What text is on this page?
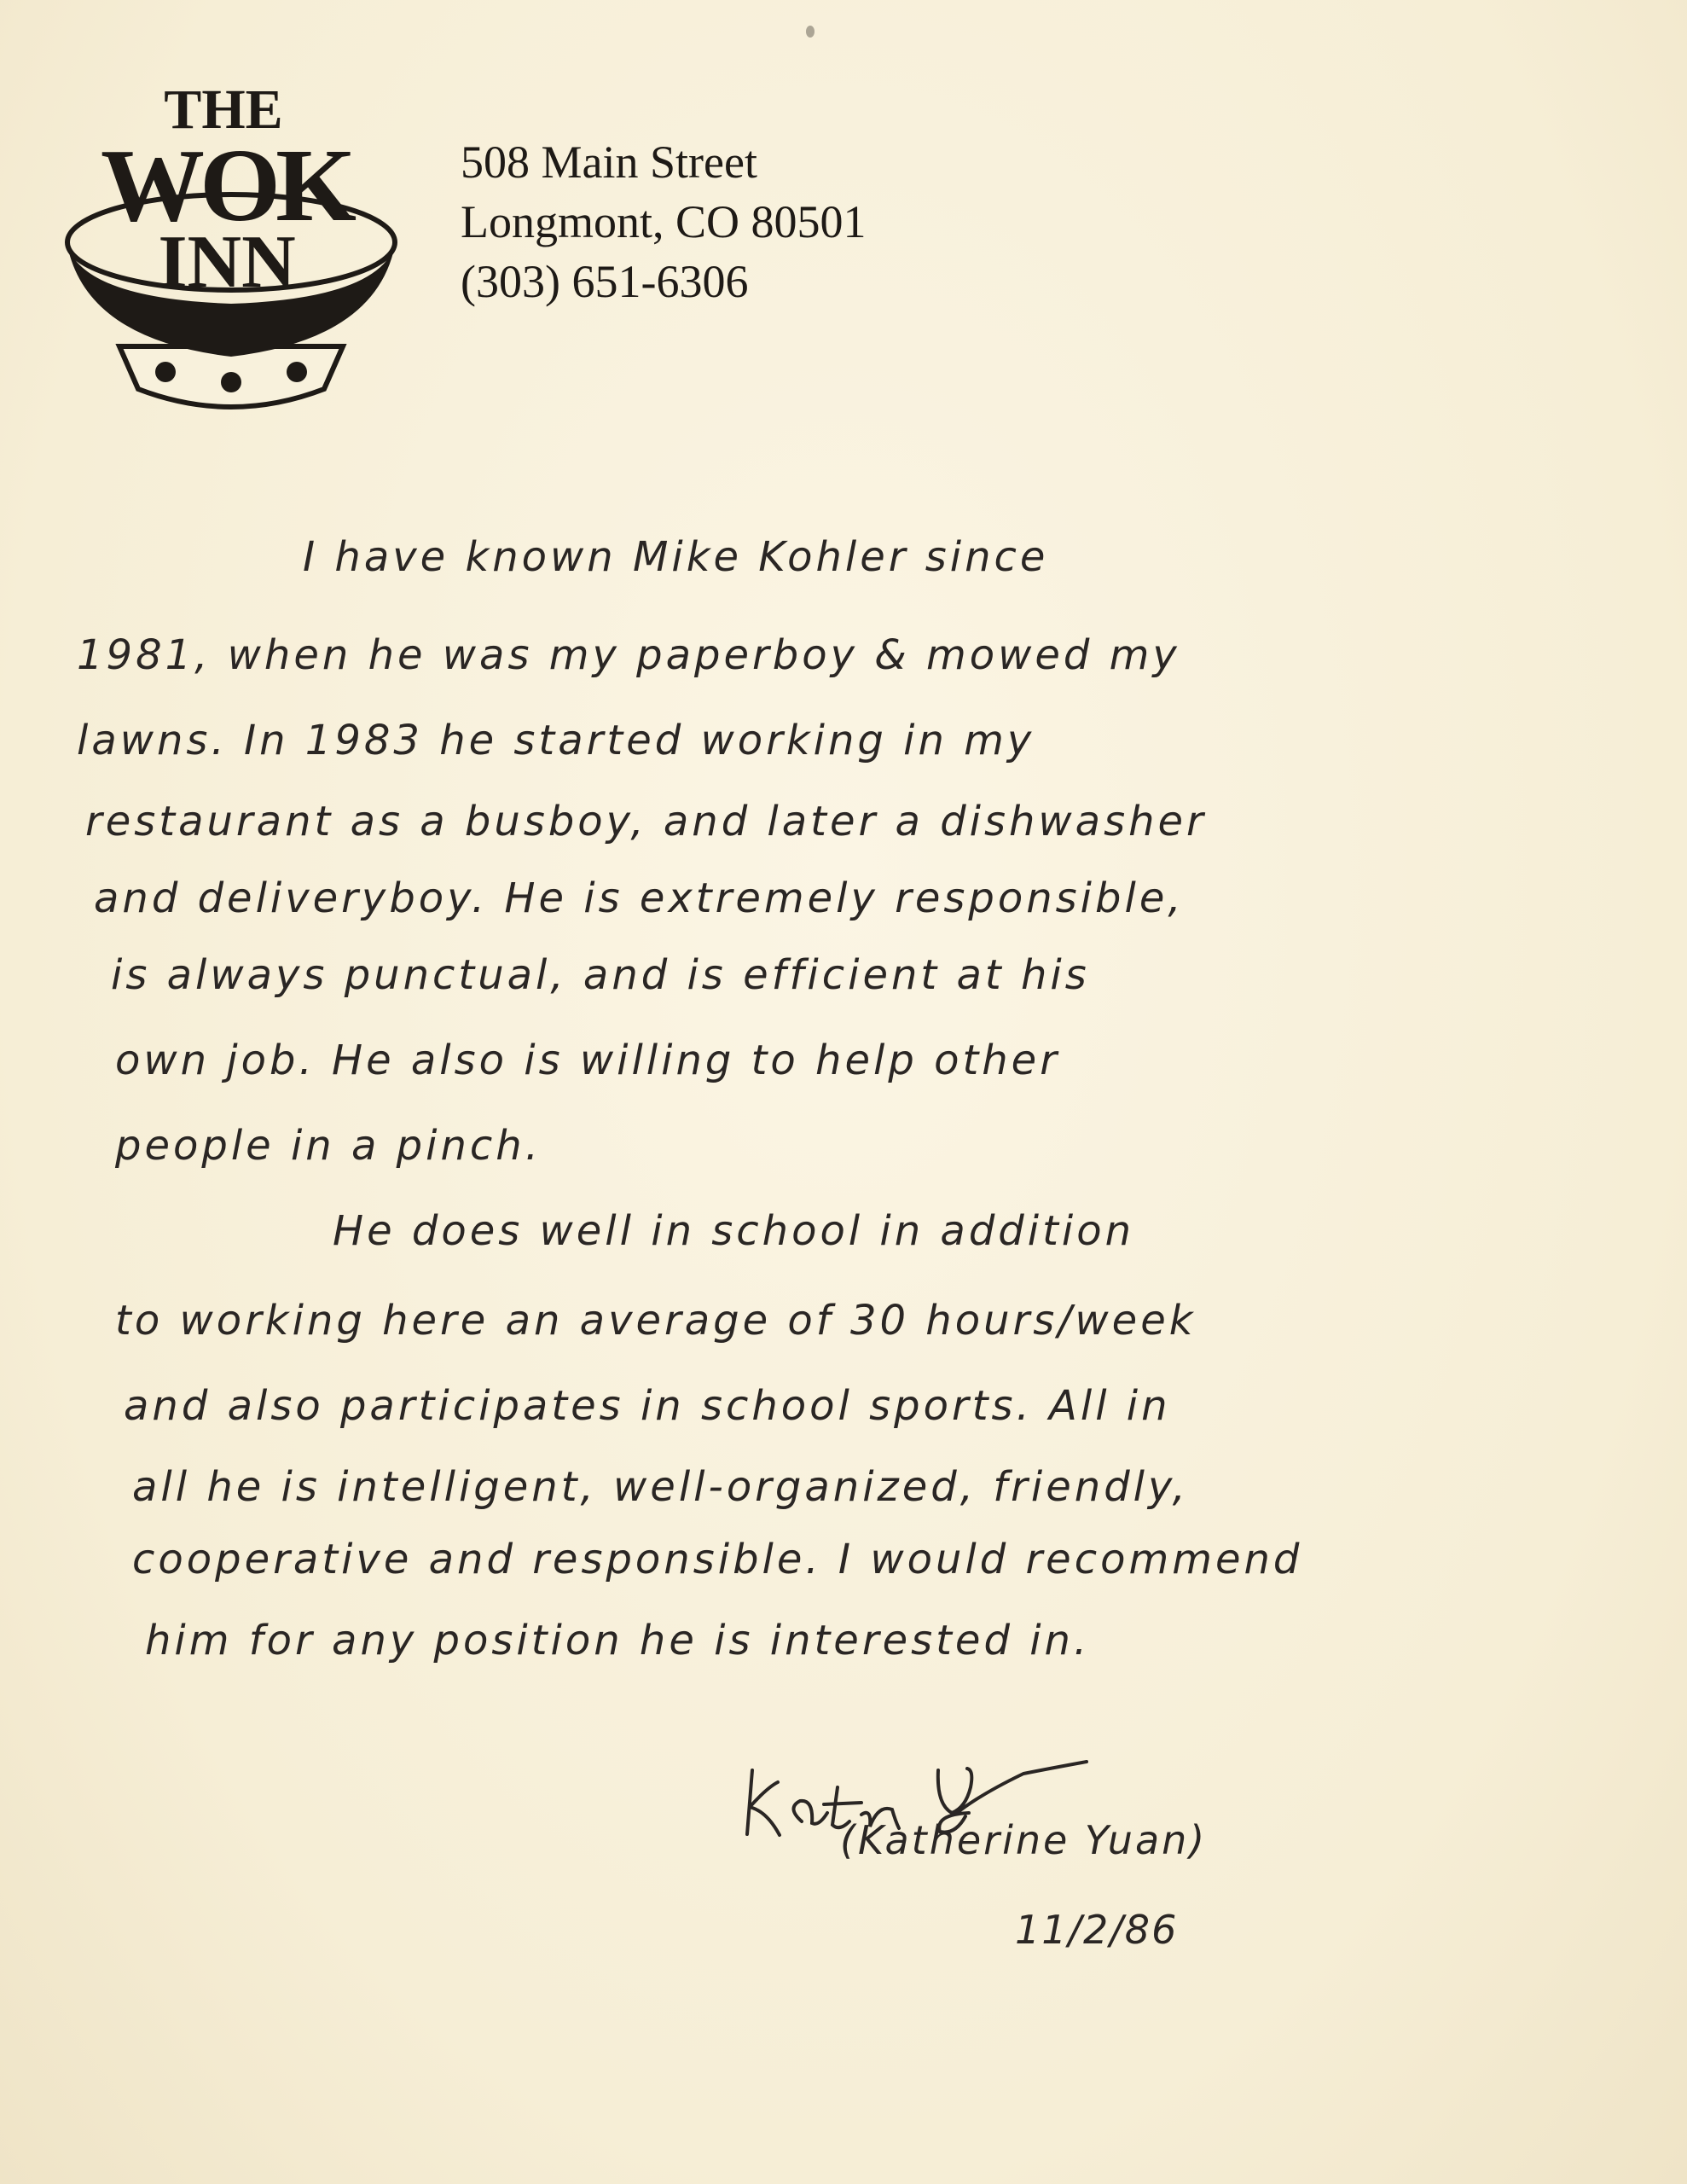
THE
WOK
INN
508 Main Street
Longmont, CO 80501
(303) 651-6306
I have known Mike Kohler since
1981, when he was my paperboy & mowed my
lawns. In 1983 he started working in my
restaurant as a busboy, and later a dishwasher
and deliveryboy. He is extremely responsible,
is always punctual, and is efficient at his
own job. He also is willing to help other
people in a pinch.
He does well in school in addition
to working here an average of 30 hours/week
and also participates in school sports. All in
all he is intelligent, well-organized, friendly,
cooperative and responsible. I would recommend
him for any position he is interested in.
(Katherine Yuan)
11/2/86
